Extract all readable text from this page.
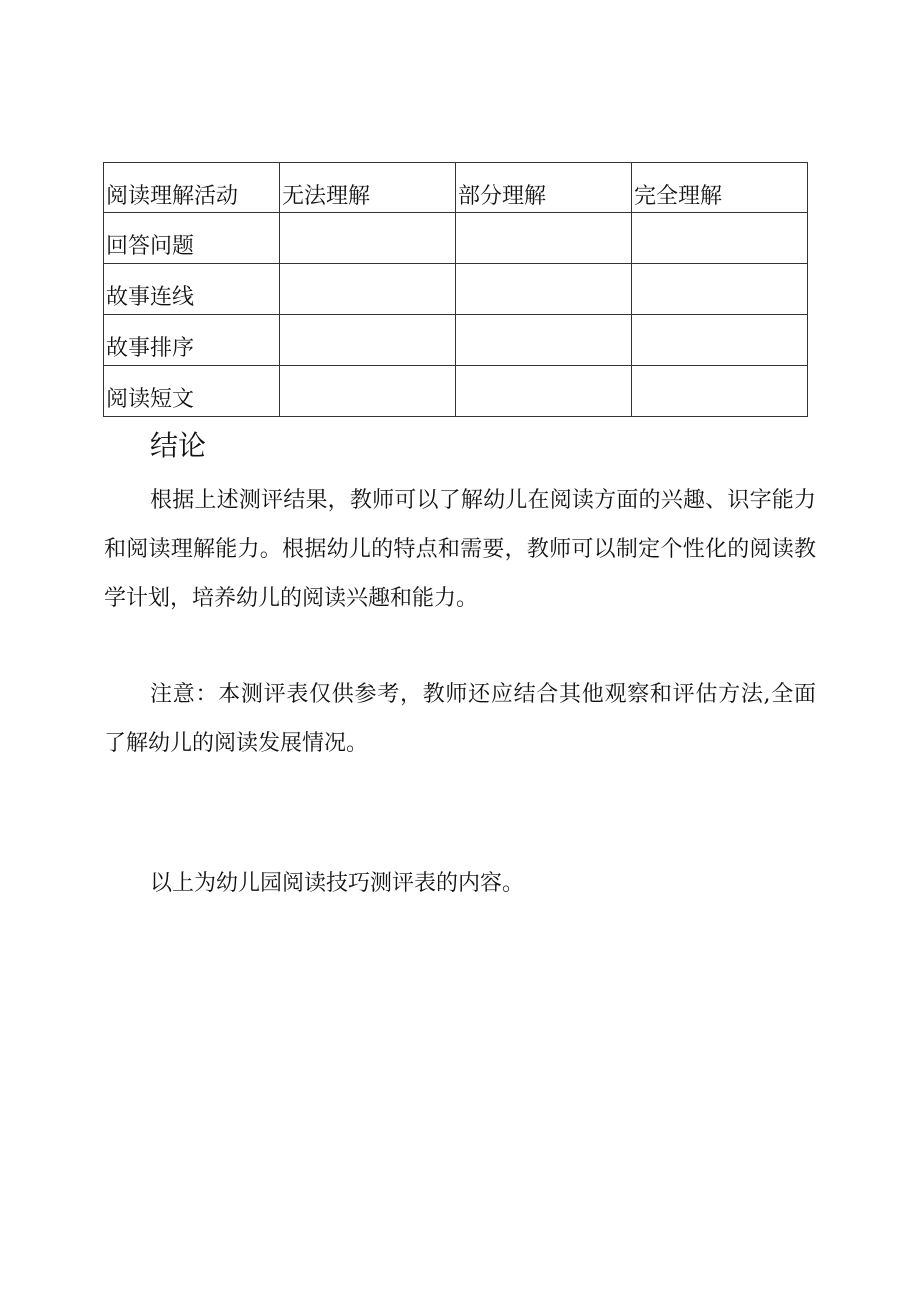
阅读理解活动	无法理解	部分理解	完全理解
回答问题			
故事连线			
故事排序			
阅读短文			
结论

根据上述测评结果，教师可以了解幼儿在阅读方面的兴趣、识字能力和阅读理解能力。根据幼儿的特点和需要，教师可以制定个性化的阅读教学计划，培养幼儿的阅读兴趣和能力。

注意：本测评表仅供参考，教师还应结合其他观察和评估方法,全面了解幼儿的阅读发展情况。

以上为幼儿园阅读技巧测评表的内容。
